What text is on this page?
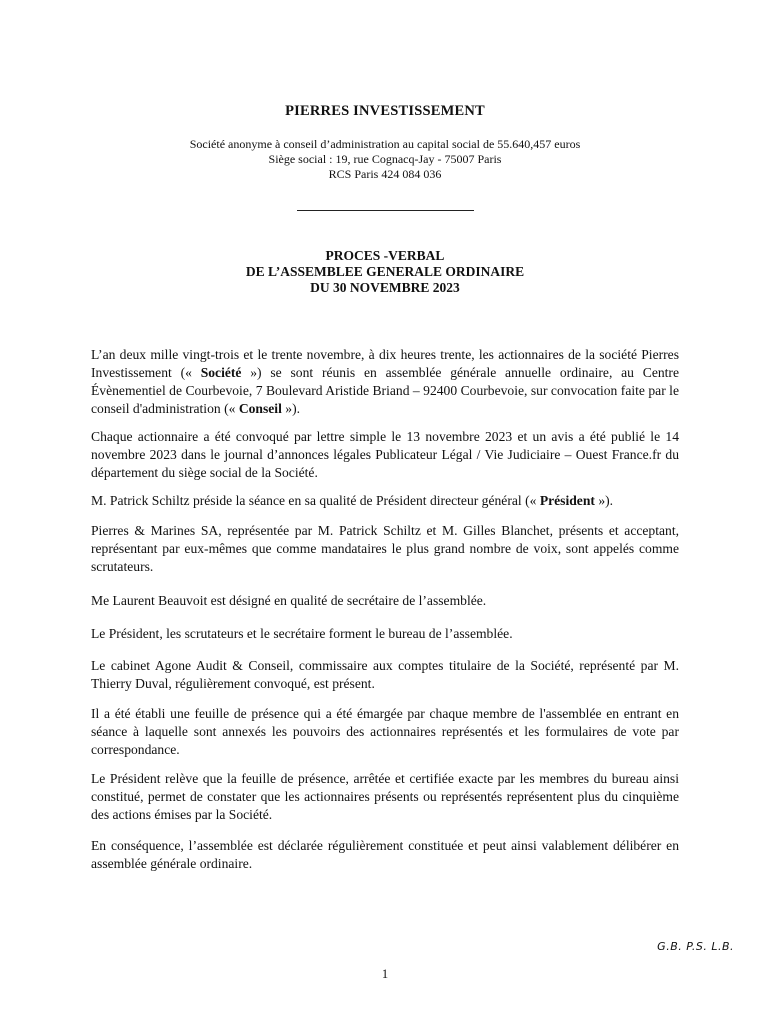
PIERRES INVESTISSEMENT
Société anonyme à conseil d’administration au capital social de 55.640,457 euros
Siège social : 19, rue Cognacq-Jay - 75007 Paris
RCS Paris 424 084 036
PROCES -VERBAL
DE L’ASSEMBLEE GENERALE ORDINAIRE
DU 30 NOVEMBRE 2023

L’an deux mille vingt-trois et le trente novembre, à dix heures trente, les actionnaires de la société Pierres Investissement (« Société ») se sont réunis en assemblée générale annuelle ordinaire, au Centre Évènementiel de Courbevoie, 7 Boulevard Aristide Briand – 92400 Courbevoie, sur convocation faite par le conseil d'administration (« Conseil »).

Chaque actionnaire a été convoqué par lettre simple le 13 novembre 2023 et un avis a été publié le 14 novembre 2023 dans le journal d’annonces légales Publicateur Légal / Vie Judiciaire – Ouest France.fr du département du siège social de la Société.

M. Patrick Schiltz préside la séance en sa qualité de Président directeur général (« Président »).

Pierres & Marines SA, représentée par M. Patrick Schiltz et M. Gilles Blanchet, présents et acceptant, représentant par eux-mêmes que comme mandataires le plus grand nombre de voix, sont appelés comme scrutateurs.

Me Laurent Beauvoit est désigné en qualité de secrétaire de l’assemblée.

Le Président, les scrutateurs et le secrétaire forment le bureau de l’assemblée.

Le cabinet Agone Audit & Conseil, commissaire aux comptes titulaire de la Société, représenté par M. Thierry Duval, régulièrement convoqué, est présent.

Il a été établi une feuille de présence qui a été émargée par chaque membre de l'assemblée en entrant en séance à laquelle sont annexés les pouvoirs des actionnaires représentés et les formulaires de vote par correspondance.

Le Président relève que la feuille de présence, arrêtée et certifiée exacte par les membres du bureau ainsi constitué, permet de constater que les actionnaires présents ou représentés représentent plus du cinquième des actions émises par la Société.

En conséquence, l’assemblée est déclarée régulièrement constituée et peut ainsi valablement délibérer en assemblée générale ordinaire.

G.B. P.S. L.B.
1
